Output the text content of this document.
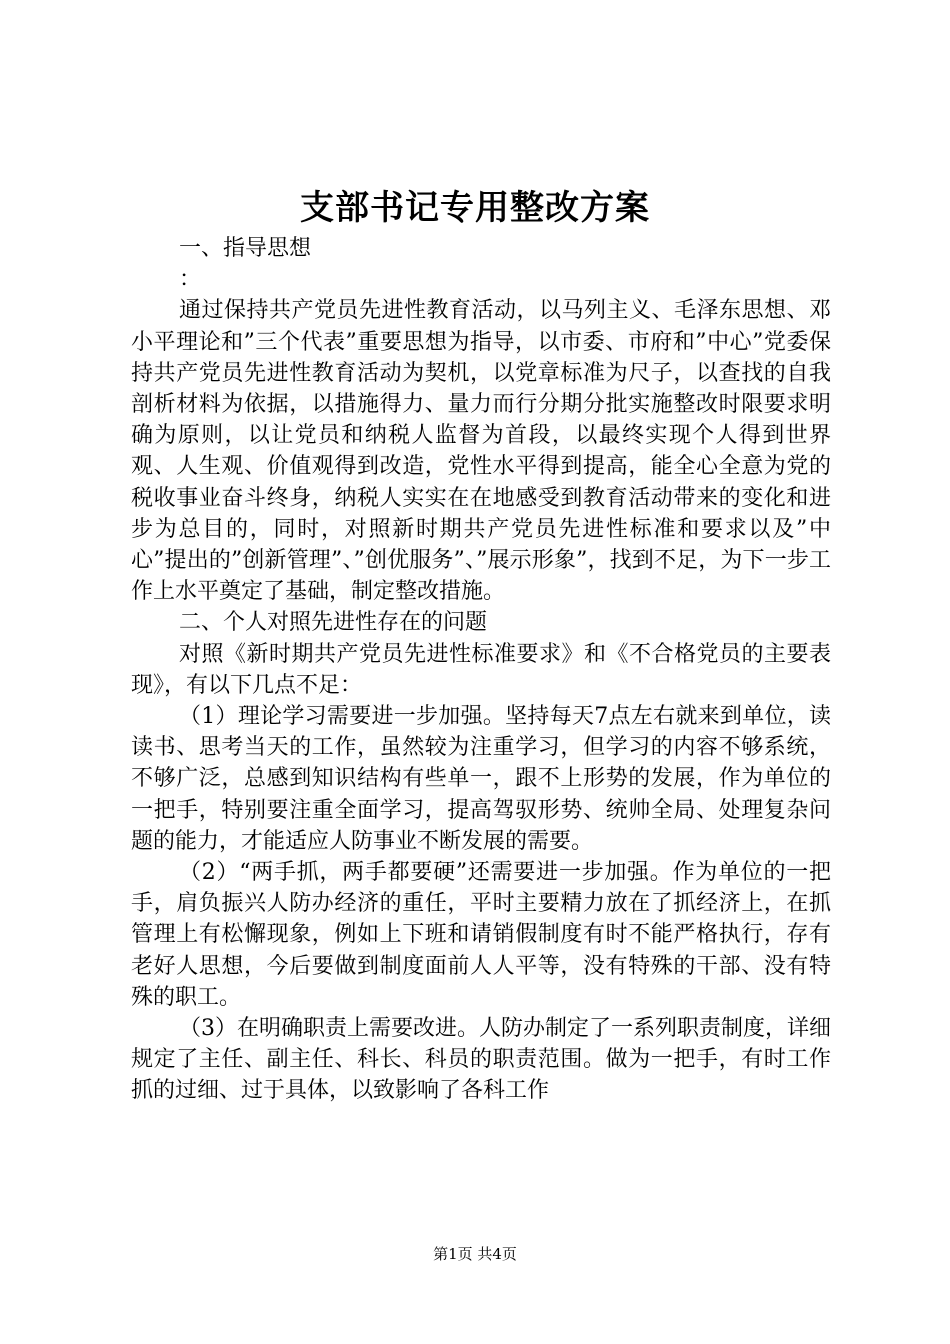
支部书记专用整改方案

一、指导思想

：

通过保持共产党员先进性教育活动，以马列主义、毛泽东思想、邓小平理论和”三个代表”重要思想为指导，以市委、市府和”中心”党委保持共产党员先进性教育活动为契机，以党章标准为尺子，以查找的自我剖析材料为依据，以措施得力、量力而行分期分批实施整改时限要求明确为原则，以让党员和纳税人监督为首段，以最终实现个人得到世界观、人生观、价值观得到改造，党性水平得到提高，能全心全意为党的税收事业奋斗终身，纳税人实实在在地感受到教育活动带来的变化和进步为总目的，同时，对照新时期共产党员先进性标准和要求以及”中心”提出的”创新管理”、”创优服务”、”展示形象”，找到不足，为下一步工作上水平奠定了基础，制定整改措施。

二、个人对照先进性存在的问题

对照《新时期共产党员先进性标准要求》和《不合格党员的主要表现》，有以下几点不足：

（1）理论学习需要进一步加强。坚持每天7点左右就来到单位，读读书、思考当天的工作，虽然较为注重学习，但学习的内容不够系统，不够广泛，总感到知识结构有些单一，跟不上形势的发展，作为单位的一把手，特别要注重全面学习，提高驾驭形势、统帅全局、处理复杂问题的能力，才能适应人防事业不断发展的需要。

（2）“两手抓，两手都要硬”还需要进一步加强。作为单位的一把手，肩负振兴人防办经济的重任，平时主要精力放在了抓经济上，在抓管理上有松懈现象，例如上下班和请销假制度有时不能严格执行，存有老好人思想，今后要做到制度面前人人平等，没有特殊的干部、没有特殊的职工。

（3）在明确职责上需要改进。人防办制定了一系列职责制度，详细规定了主任、副主任、科长、科员的职责范围。做为一把手，有时工作抓的过细、过于具体，以致影响了各科工作

第1页 共4页
